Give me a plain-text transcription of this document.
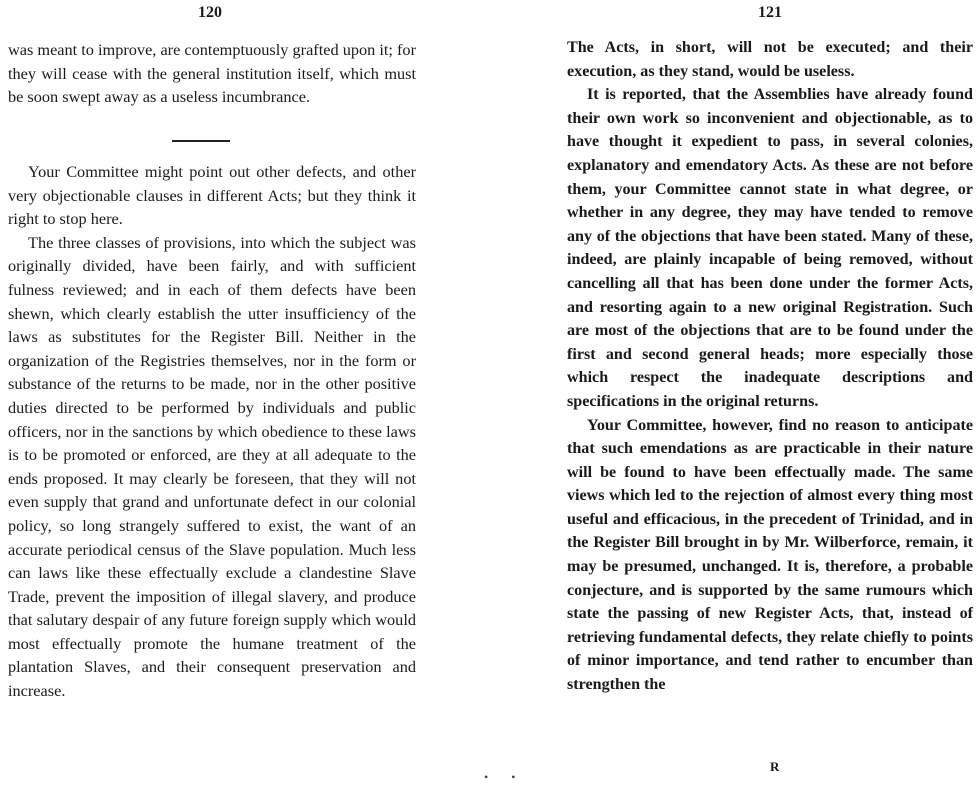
120

was meant to improve, are contemptuously grafted upon it; for they will cease with the general institution itself, which must be soon swept away as a useless incumbrance.

Your Committee might point out other defects, and other very objectionable clauses in different Acts; but they think it right to stop here.

The three classes of provisions, into which the subject was originally divided, have been fairly, and with sufficient fulness reviewed; and in each of them defects have been shewn, which clearly establish the utter insufficiency of the laws as substitutes for the Register Bill. Neither in the organization of the Registries themselves, nor in the form or substance of the returns to be made, nor in the other positive duties directed to be performed by individuals and public officers, nor in the sanctions by which obedience to these laws is to be promoted or enforced, are they at all adequate to the ends proposed. It may clearly be foreseen, that they will not even supply that grand and unfortunate defect in our colonial policy, so long strangely suffered to exist, the want of an accurate periodical census of the Slave population. Much less can laws like these effectually exclude a clandestine Slave Trade, prevent the imposition of illegal slavery, and produce that salutary despair of any future foreign supply which would most effectually promote the humane treatment of the plantation Slaves, and their consequent preservation and increase.

• •
121

The Acts, in short, will not be executed; and their execution, as they stand, would be useless.

It is reported, that the Assemblies have already found their own work so inconvenient and objectionable, as to have thought it expedient to pass, in several colonies, explanatory and emendatory Acts. As these are not before them, your Committee cannot state in what degree, or whether in any degree, they may have tended to remove any of the objections that have been stated. Many of these, indeed, are plainly incapable of being removed, without cancelling all that has been done under the former Acts, and resorting again to a new original Registration. Such are most of the objections that are to be found under the first and second general heads; more especially those which respect the inadequate descriptions and specifications in the original returns.

Your Committee, however, find no reason to anticipate that such emendations as are practicable in their nature will be found to have been effectually made. The same views which led to the rejection of almost every thing most useful and efficacious, in the precedent of Trinidad, and in the Register Bill brought in by Mr. Wilberforce, remain, it may be presumed, unchanged. It is, therefore, a probable conjecture, and is supported by the same rumours which state the passing of new Register Acts, that, instead of retrieving fundamental defects, they relate chiefly to points of minor importance, and tend rather to encumber than strengthen the

R
